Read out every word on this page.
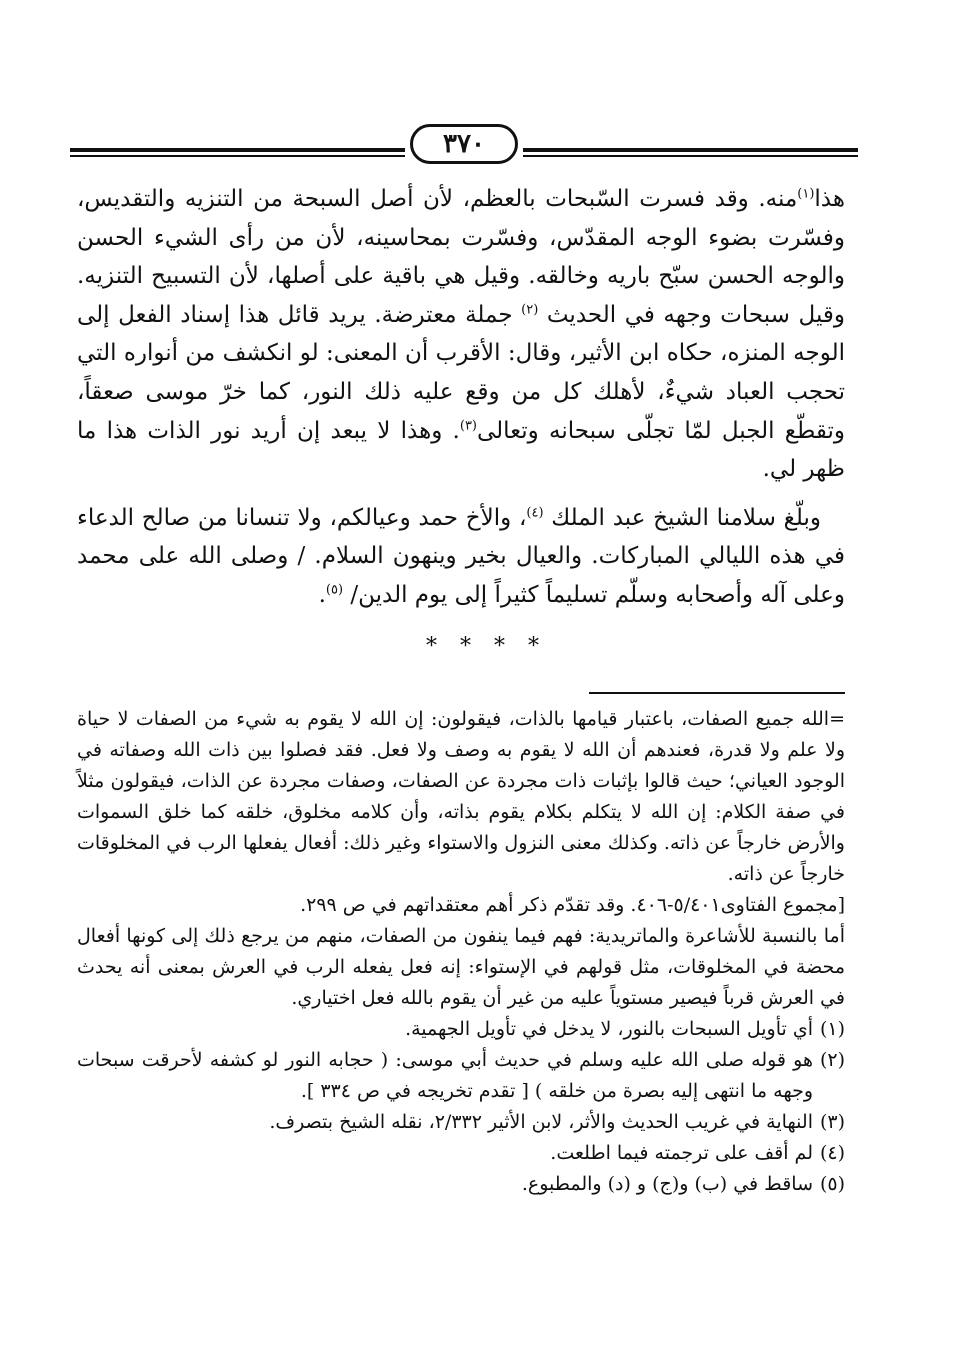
٣٧٠

هذا$^{(١)}$منه. وقد فسرت السّبحات بالعظم، لأن أصل السبحة من التنزيه والتقديس، وفسّرت بضوء الوجه المقدّس، وفسّرت بمحاسينه، لأن من رأى الشيء الحسن والوجه الحسن سبّح باريه وخالقه. وقيل هي باقية على أصلها، لأن التسبيح التنزيه. وقيل سبحات وجهه في الحديث $^{(٢)}$ جملة معترضة. يريد قائل هذا إسناد الفعل إلى الوجه المنزه، حكاه ابن الأثير، وقال: الأقرب أن المعنى: لو انكشف من أنواره التي تحجب العباد شيءٌ، لأهلك كل من وقع عليه ذلك النور، كما خرّ موسى صعقاً، وتقطّع الجبل لمّا تجلّى سبحانه وتعالى$^{(٣)}$. وهذا لا يبعد إن أريد نور الذات هذا ما ظهر لي.

وبلّغ سلامنا الشيخ عبد الملك $^{(٤)}$، والأخ حمد وعيالكم، ولا تنسانا من صالح الدعاء في هذه الليالي المباركات. والعيال بخير وينهون السلام. / وصلى الله على محمد وعلى آله وأصحابه وسلّم تسليماً كثيراً إلى يوم الدين/ $^{(٥)}$.

* * * *

=الله جميع الصفات، باعتبار قيامها بالذات، فيقولون: إن الله لا يقوم به شيء من الصفات لا حياة ولا علم ولا قدرة، فعندهم أن الله لا يقوم به وصف ولا فعل. فقد فصلوا بين ذات الله وصفاته في الوجود العياني؛ حيث قالوا بإثبات ذات مجردة عن الصفات، وصفات مجردة عن الذات، فيقولون مثلاً في صفة الكلام: إن الله لا يتكلم بكلام يقوم بذاته، وأن كلامه مخلوق، خلقه كما خلق السموات والأرض خارجاً عن ذاته. وكذلك معنى النزول والاستواء وغير ذلك: أفعال يفعلها الرب في المخلوقات خارجاً عن ذاته.

[مجموع الفتاوى٥/٤٠١-٤٠٦. وقد تقدّم ذكر أهم معتقداتهم في ص ٢٩٩.

أما بالنسبة للأشاعرة والماتريدية: فهم فيما ينفون من الصفات، منهم من يرجع ذلك إلى كونها أفعال محضة في المخلوقات، مثل قولهم في الإستواء: إنه فعل يفعله الرب في العرش بمعنى أنه يحدث في العرش قرباً فيصير مستوياً عليه من غير أن يقوم بالله فعل اختياري.

(١)
أي تأويل السبحات بالنور، لا يدخل في تأويل الجهمية.
(٢)
هو قوله صلى الله عليه وسلم في حديث أبي موسى: ( حجابه النور لو كشفه لأحرقت سبحات وجهه ما انتهى إليه بصرة من خلقه ) [ تقدم تخريجه في ص ٣٣٤ ].
(٣)
النهاية في غريب الحديث والأثر، لابن الأثير ٢/٣٣٢، نقله الشيخ بتصرف.
(٤)
لم أقف على ترجمته فيما اطلعت.
(٥)
ساقط في (ب) و(ج) و (د) والمطبوع.
